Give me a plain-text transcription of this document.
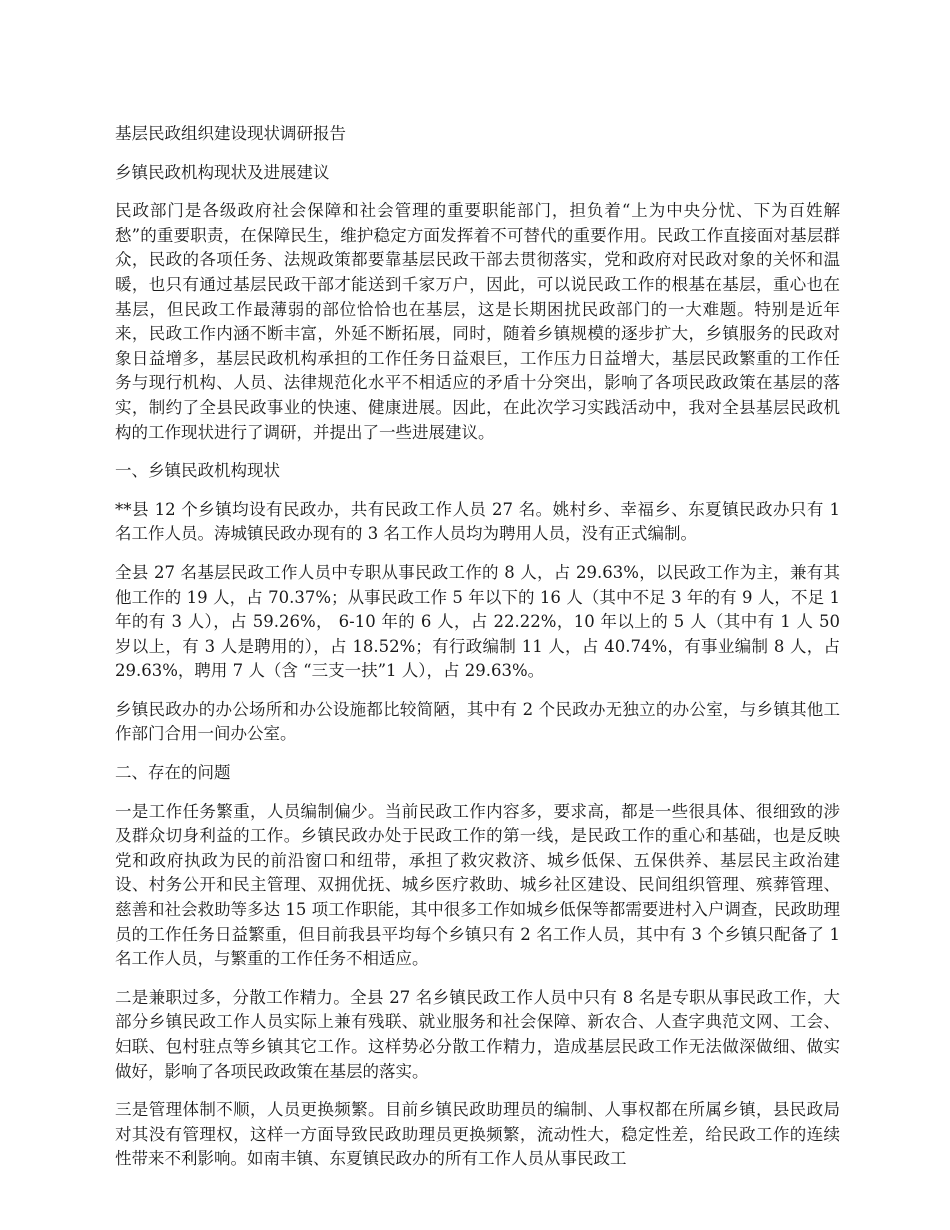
基层民政组织建设现状调研报告

乡镇民政机构现状及进展建议

民政部门是各级政府社会保障和社会管理的重要职能部门，担负着“上为中央分忧、下为百姓解愁”的重要职责，在保障民生，维护稳定方面发挥着不可替代的重要作用。民政工作直接面对基层群众，民政的各项任务、法规政策都要靠基层民政干部去贯彻落实，党和政府对民政对象的关怀和温暖，也只有通过基层民政干部才能送到千家万户，因此，可以说民政工作的根基在基层，重心也在基层，但民政工作最薄弱的部位恰恰也在基层，这是长期困扰民政部门的一大难题。特别是近年来，民政工作内涵不断丰富，外延不断拓展，同时，随着乡镇规模的逐步扩大，乡镇服务的民政对象日益增多，基层民政机构承担的工作任务日益艰巨，工作压力日益增大，基层民政繁重的工作任务与现行机构、人员、法律规范化水平不相适应的矛盾十分突出，影响了各项民政政策在基层的落实，制约了全县民政事业的快速、健康进展。因此，在此次学习实践活动中，我对全县基层民政机构的工作现状进行了调研，并提出了一些进展建议。

一、乡镇民政机构现状

**县 12 个乡镇均设有民政办，共有民政工作人员 27 名。姚村乡、幸福乡、东夏镇民政办只有 1 名工作人员。涛城镇民政办现有的 3 名工作人员均为聘用人员，没有正式编制。

全县 27 名基层民政工作人员中专职从事民政工作的 8 人，占 29.63%，以民政工作为主，兼有其他工作的 19 人，占 70.37%；从事民政工作 5 年以下的 16 人（其中不足 3 年的有 9 人，不足 1 年的有 3 人），占 59.26%， 6-10 年的 6 人，占 22.22%，10 年以上的 5 人（其中有 1 人 50 岁以上，有 3 人是聘用的），占 18.52%；有行政编制 11 人，占 40.74%，有事业编制 8 人，占 29.63%，聘用 7 人（含 “三支一扶”1 人），占 29.63%。

乡镇民政办的办公场所和办公设施都比较简陋，其中有 2 个民政办无独立的办公室，与乡镇其他工作部门合用一间办公室。

二、存在的问题

一是工作任务繁重，人员编制偏少。当前民政工作内容多，要求高，都是一些很具体、很细致的涉及群众切身利益的工作。乡镇民政办处于民政工作的第一线，是民政工作的重心和基础，也是反映党和政府执政为民的前沿窗口和纽带，承担了救灾救济、城乡低保、五保供养、基层民主政治建设、村务公开和民主管理、双拥优抚、城乡医疗救助、城乡社区建设、民间组织管理、殡葬管理、慈善和社会救助等多达 15 项工作职能，其中很多工作如城乡低保等都需要进村入户调查，民政助理员的工作任务日益繁重，但目前我县平均每个乡镇只有 2 名工作人员，其中有 3 个乡镇只配备了 1 名工作人员，与繁重的工作任务不相适应。

二是兼职过多，分散工作精力。全县 27 名乡镇民政工作人员中只有 8 名是专职从事民政工作，大部分乡镇民政工作人员实际上兼有残联、就业服务和社会保障、新农合、人查字典范文网、工会、妇联、包村驻点等乡镇其它工作。这样势必分散工作精力，造成基层民政工作无法做深做细、做实做好，影响了各项民政政策在基层的落实。

三是管理体制不顺，人员更换频繁。目前乡镇民政助理员的编制、人事权都在所属乡镇，县民政局对其没有管理权，这样一方面导致民政助理员更换频繁，流动性大，稳定性差，给民政工作的连续性带来不利影响。如南丰镇、东夏镇民政办的所有工作人员从事民政工
